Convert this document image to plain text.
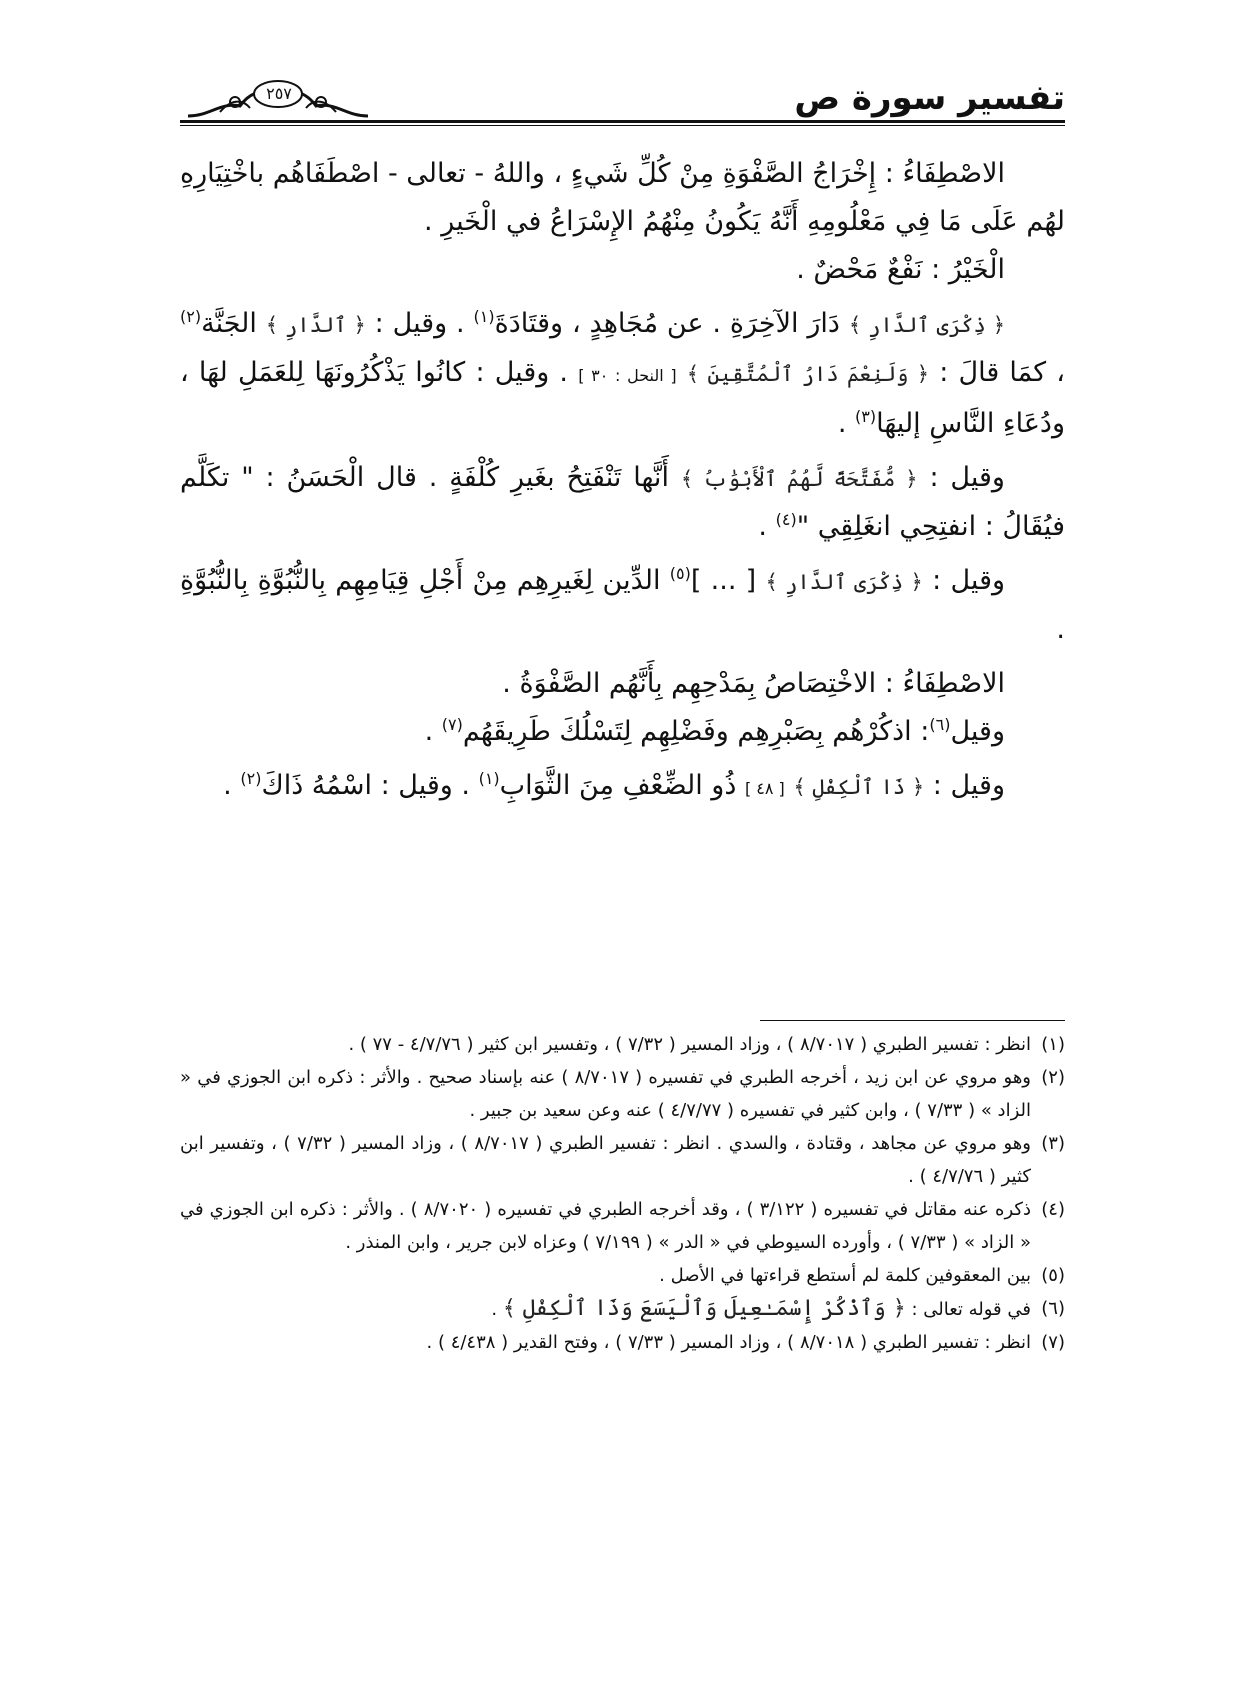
تفسير سورة ص
٢٥٧

الاصْطِفَاءُ : إِخْرَاجُ الصَّفْوَةِ مِنْ كُلِّ شَيءٍ ، واللهُ - تعالى - اصْطَفَاهُم باخْتِيَارِهِ لهُم عَلَى مَا فِي مَعْلُومِهِ أَنَّهُ يَكُونُ مِنْهُمُ الإِسْرَاعُ في الْخَيرِ .

الْخَيْرُ : نَفْعٌ مَحْضٌ .

﴿ ذِكْرَى ٱلدَّارِ ﴾ دَارَ الآخِرَةِ . عن مُجَاهِدٍ ، وقتَادَةَ$^{(١)}$ . وقيل : ﴿ ٱلدَّارِ ﴾ الجَنَّة$^{(٢)}$ ، كمَا قالَ : ﴿ وَلَنِعْمَ دَارُ ٱلْمُتَّقِينَ ﴾ [ النحل : ٣٠ ] . وقيل : كانُوا يَذْكُرُونَهَا لِلعَمَلِ لهَا ، ودُعَاءِ النَّاسِ إليهَا$^{(٣)}$ .

وقيل : ﴿ مُّفَتَّحَةً لَّهُمُ ٱلْأَبْوَٰبُ ﴾ أَنَّها تَنْفَتِحُ بغَيرِ كُلْفَةٍ . قال الْحَسَنُ : " تكَلَّم فيُقَالُ : انفتِحِي انغَلِقِي "$^{(٤)}$ .

وقيل : ﴿ ذِكْرَى ٱلدَّارِ ﴾ [ ... ]$^{(٥)}$ الدِّين لِغَيرِهِم مِنْ أَجْلِ قِيَامِهِم بِالنُّبُوَّةِ بِالنُّبُوَّةِ .

الاصْطِفَاءُ : الاخْتِصَاصُ بِمَدْحِهِم بِأَنَّهُم الصَّفْوَةُ .

وقيل$^{(٦)}$: اذكُرْهُم بِصَبْرِهِم وفَضْلِهِم لِتَسْلُكَ طَرِيقَهُم$^{(٧)}$ .

وقيل : ﴿ ذَا ٱلْكِفْلِ ﴾ [ ٤٨ ] ذُو الضِّعْفِ مِنَ الثَّوَابِ$^{(١)}$ . وقيل : اسْمُهُ ذَاكَ$^{(٢)}$ .

(١)
انظر : تفسير الطبري ( ٨/٧٠١٧ ) ، وزاد المسير ( ٧/٣٢ ) ، وتفسير ابن كثير ( ٤/٧/٧٦ - ٧٧ ) .
(٢)
وهو مروي عن ابن زيد ، أخرجه الطبري في تفسيره ( ٨/٧٠١٧ ) عنه بإسناد صحيح . والأثر : ذكره ابن الجوزي في « الزاد » ( ٧/٣٣ ) ، وابن كثير في تفسيره ( ٤/٧/٧٧ ) عنه وعن سعيد بن جبير .
(٣)
وهو مروي عن مجاهد ، وقتادة ، والسدي . انظر : تفسير الطبري ( ٨/٧٠١٧ ) ، وزاد المسير ( ٧/٣٢ ) ، وتفسير ابن كثير ( ٤/٧/٧٦ ) .
(٤)
ذكره عنه مقاتل في تفسيره ( ٣/١٢٢ ) ، وقد أخرجه الطبري في تفسيره ( ٨/٧٠٢٠ ) . والأثر : ذكره ابن الجوزي في « الزاد » ( ٧/٣٣ ) ، وأورده السيوطي في « الدر » ( ٧/١٩٩ ) وعزاه لابن جرير ، وابن المنذر .
(٥)
بين المعقوفين كلمة لم أستطع قراءتها في الأصل .
(٦)
في قوله تعالى : ﴿ وَٱذْكُرْ إِسْمَـٰعِيلَ وَٱلْيَسَعَ وَذَا ٱلْكِفْلِ ﴾ .
(٧)
انظر : تفسير الطبري ( ٨/٧٠١٨ ) ، وزاد المسير ( ٧/٣٣ ) ، وفتح القدير ( ٤/٤٣٨ ) .
